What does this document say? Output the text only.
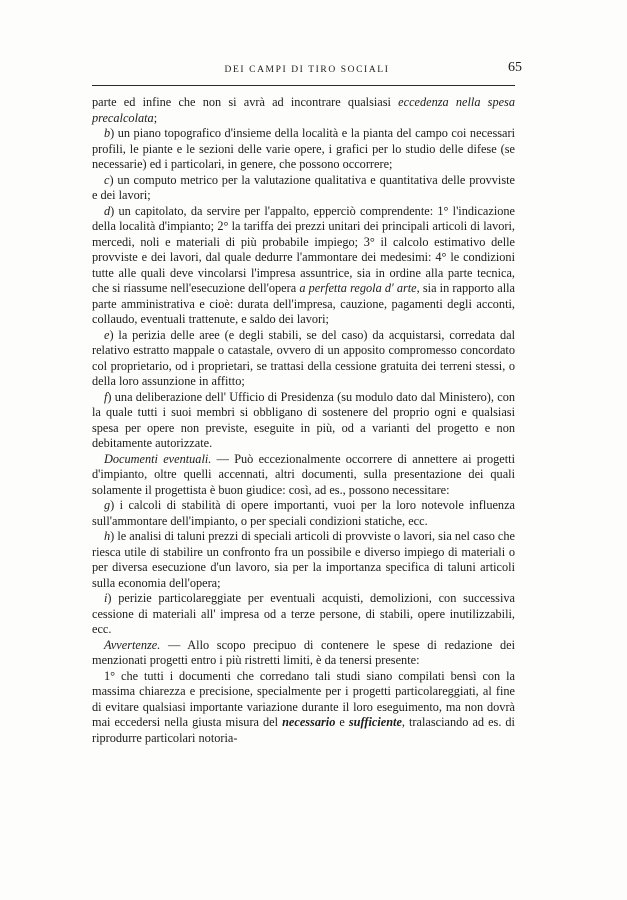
DEI CAMPI DI TIRO SOCIALI	65

parte ed infine che non si avrà ad incontrare qualsiasi eccedenza nella spesa precalcolata;

b) un piano topografico d'insieme della località e la pianta del campo coi necessari profili, le piante e le sezioni delle varie opere, i grafici per lo studio delle difese (se necessarie) ed i particolari, in genere, che possono occorrere;

c) un computo metrico per la valutazione qualitativa e quantitativa delle provviste e dei lavori;

d) un capitolato, da servire per l'appalto, epperciò comprendente: 1° l'indicazione della località d'impianto; 2° la tariffa dei prezzi unitari dei principali articoli di lavori, mercedi, noli e materiali di più probabile impiego; 3° il calcolo estimativo delle provviste e dei lavori, dal quale dedurre l'ammontare dei medesimi: 4° le condizioni tutte alle quali deve vincolarsi l'impresa assuntrice, sia in ordine alla parte tecnica, che si riassume nell'esecuzione dell'opera a perfetta regola d' arte, sia in rapporto alla parte amministrativa e cioè: durata dell'impresa, cauzione, pagamenti degli acconti, collaudo, eventuali trattenute, e saldo dei lavori;

e) la perizia delle aree (e degli stabili, se del caso) da acquistarsi, corredata dal relativo estratto mappale o catastale, ovvero di un apposito compromesso concordato col proprietario, od i proprietari, se trattasi della cessione gratuita dei terreni stessi, o della loro assunzione in affitto;

f) una deliberazione dell' Ufficio di Presidenza (su modulo dato dal Ministero), con la quale tutti i suoi membri si obbligano di sostenere del proprio ogni e qualsiasi spesa per opere non previste, eseguite in più, od a varianti del progetto e non debitamente autorizzate.

Documenti eventuali. — Può eccezionalmente occorrere di annettere ai progetti d'impianto, oltre quelli accennati, altri documenti, sulla presentazione dei quali solamente il progettista è buon giudice: così, ad es., possono necessitare:

g) i calcoli di stabilità di opere importanti, vuoi per la loro notevole influenza sull'ammontare dell'impianto, o per speciali condizioni statiche, ecc.

h) le analisi di taluni prezzi di speciali articoli di provviste o lavori, sia nel caso che riesca utile di stabilire un confronto fra un possibile e diverso impiego di materiali o per diversa esecuzione d'un lavoro, sia per la importanza specifica di taluni articoli sulla economia dell'opera;

i) perizie particolareggiate per eventuali acquisti, demolizioni, con successiva cessione di materiali all' impresa od a terze persone, di stabili, opere inutilizzabili, ecc.

Avvertenze. — Allo scopo precipuo di contenere le spese di redazione dei menzionati progetti entro i più ristretti limiti, è da tenersi presente:

1° che tutti i documenti che corredano tali studi siano compilati bensì con la massima chiarezza e precisione, specialmente per i progetti particolareggiati, al fine di evitare qualsiasi importante variazione durante il loro eseguimento, ma non dovrà mai eccedersi nella giusta misura del necessario e sufficiente, tralasciando ad es. di riprodurre particolari notoria-
